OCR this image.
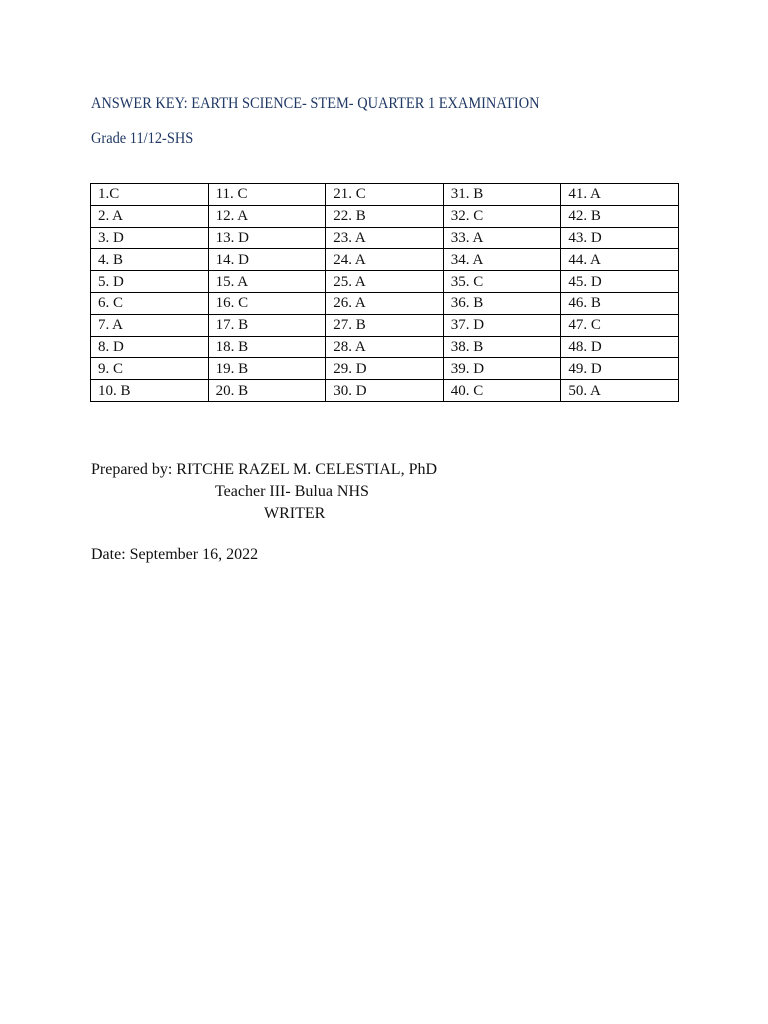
ANSWER KEY: EARTH SCIENCE- STEM- QUARTER 1 EXAMINATION
Grade 11/12-SHS
1.C	11. C	21. C	31. B	41. A
2. A	12. A	22. B	32. C	42. B
3. D	13. D	23. A	33. A	43. D
4. B	14. D	24. A	34. A	44. A
5. D	15. A	25. A	35. C	45. D
6. C	16. C	26. A	36. B	46. B
7. A	17. B	27. B	37. D	47. C
8. D	18. B	28. A	38. B	48. D
9. C	19. B	29. D	39. D	49. D
10. B	20. B	30. D	40. C	50. A
Prepared by: RITCHE RAZEL M. CELESTIAL, PhD
Teacher III- Bulua NHS
WRITER
Date: September 16, 2022
